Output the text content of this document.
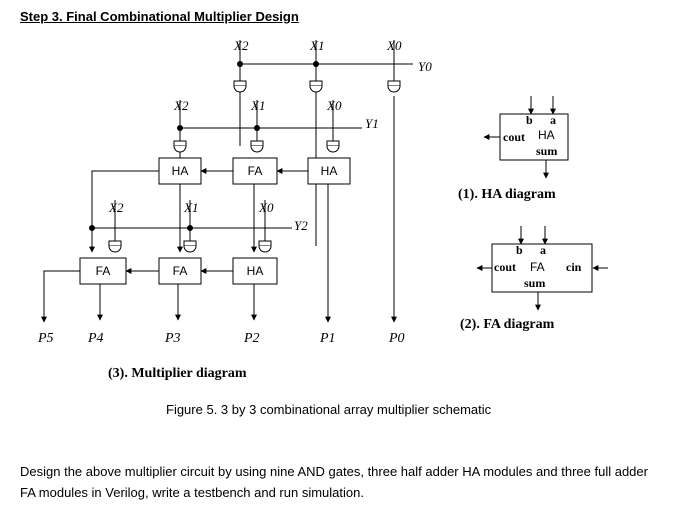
Step 3. Final Combinational Multiplier Design
HA	FA	HA
FA	FA	HA
X2	X1	X0
Y0
X2	X1	X0
Y1
X2	X1	X0
Y2
P5 P4	P3	P2	P1	P0
b a
cout HA
sum
b a
cout FA cin
sum
(1). HA diagram
(2). FA diagram
(3). Multiplier diagram
Figure 5. 3 by 3 combinational array multiplier schematic
Design the above multiplier circuit by using nine AND gates, three half adder HA modules and three full adder FA modules in Verilog, write a testbench and run simulation.
